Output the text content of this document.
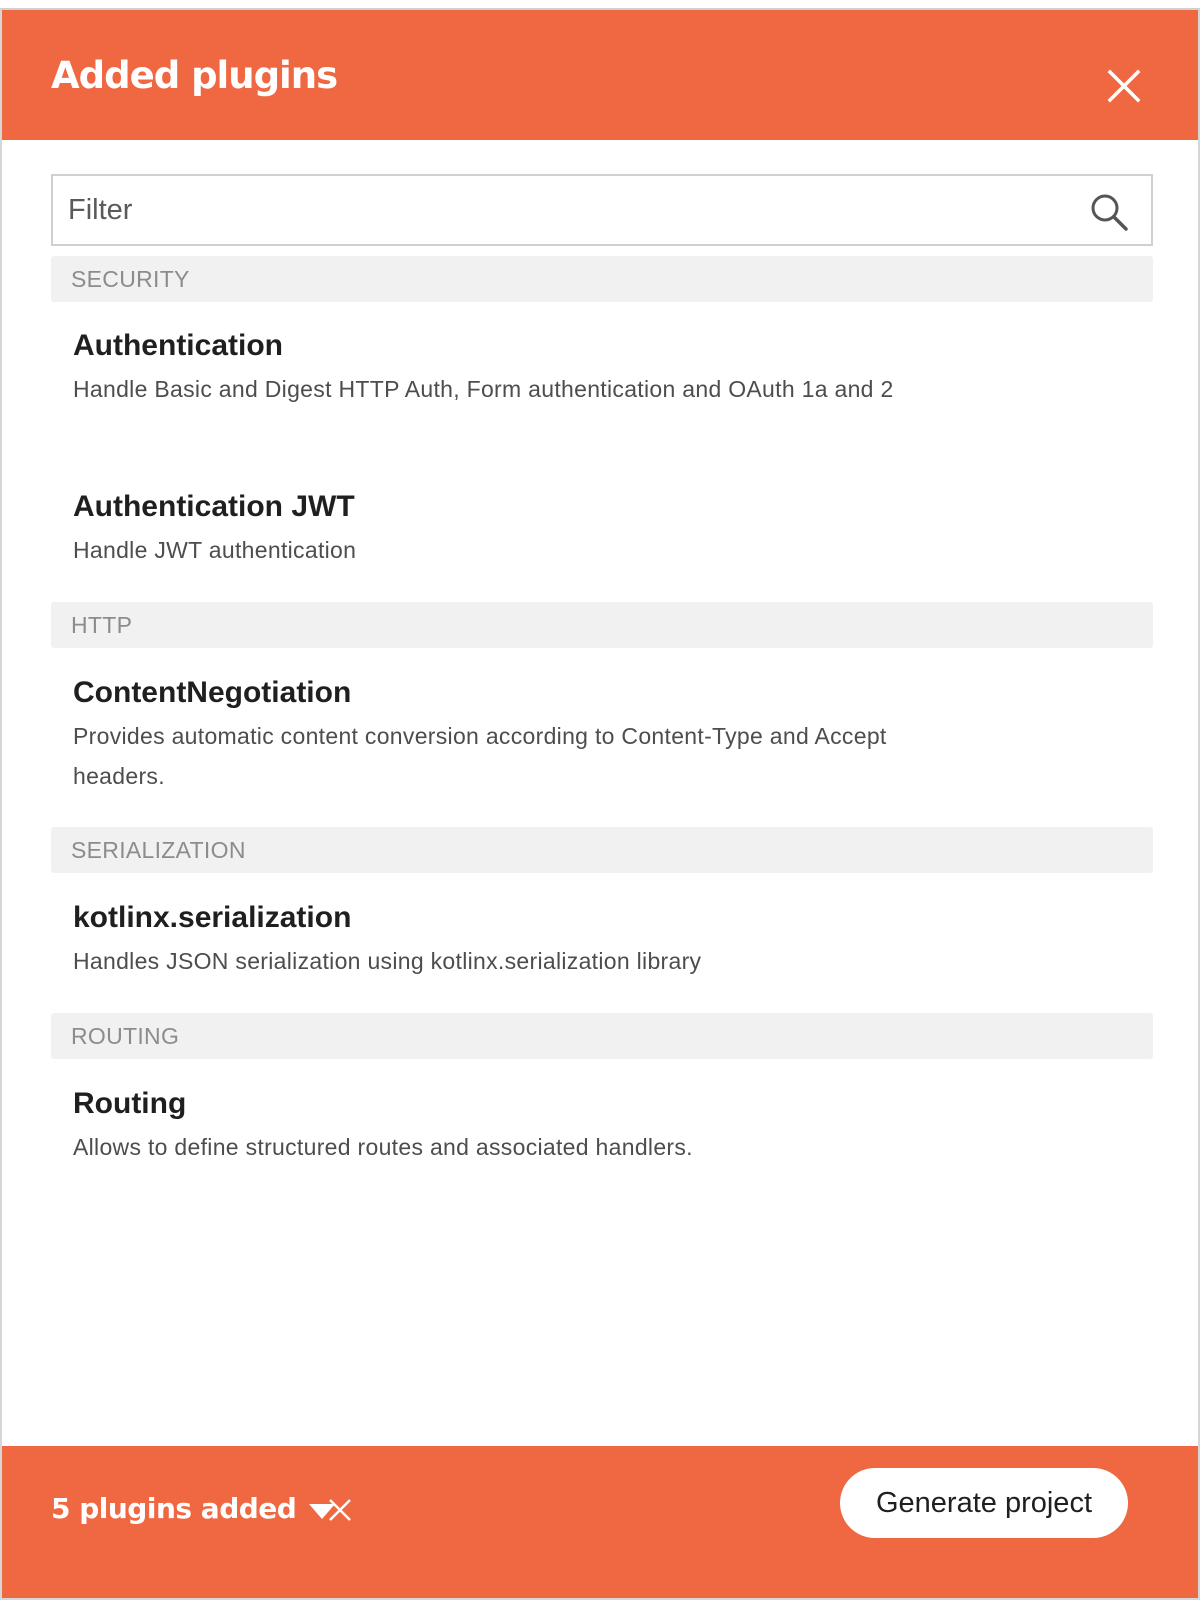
Added plugins
Filter
SECURITY
Authentication

Handle Basic and Digest HTTP Auth, Form authentication and OAuth 1a and 2

Authentication JWT

Handle JWT authentication

HTTP
ContentNegotiation

Provides automatic content conversion according to Content-Type and Accept headers.

SERIALIZATION
kotlinx.serialization

Handles JSON serialization using kotlinx.serialization library

ROUTING
Routing

Allows to define structured routes and associated handlers.

5 plugins added	Generate project
